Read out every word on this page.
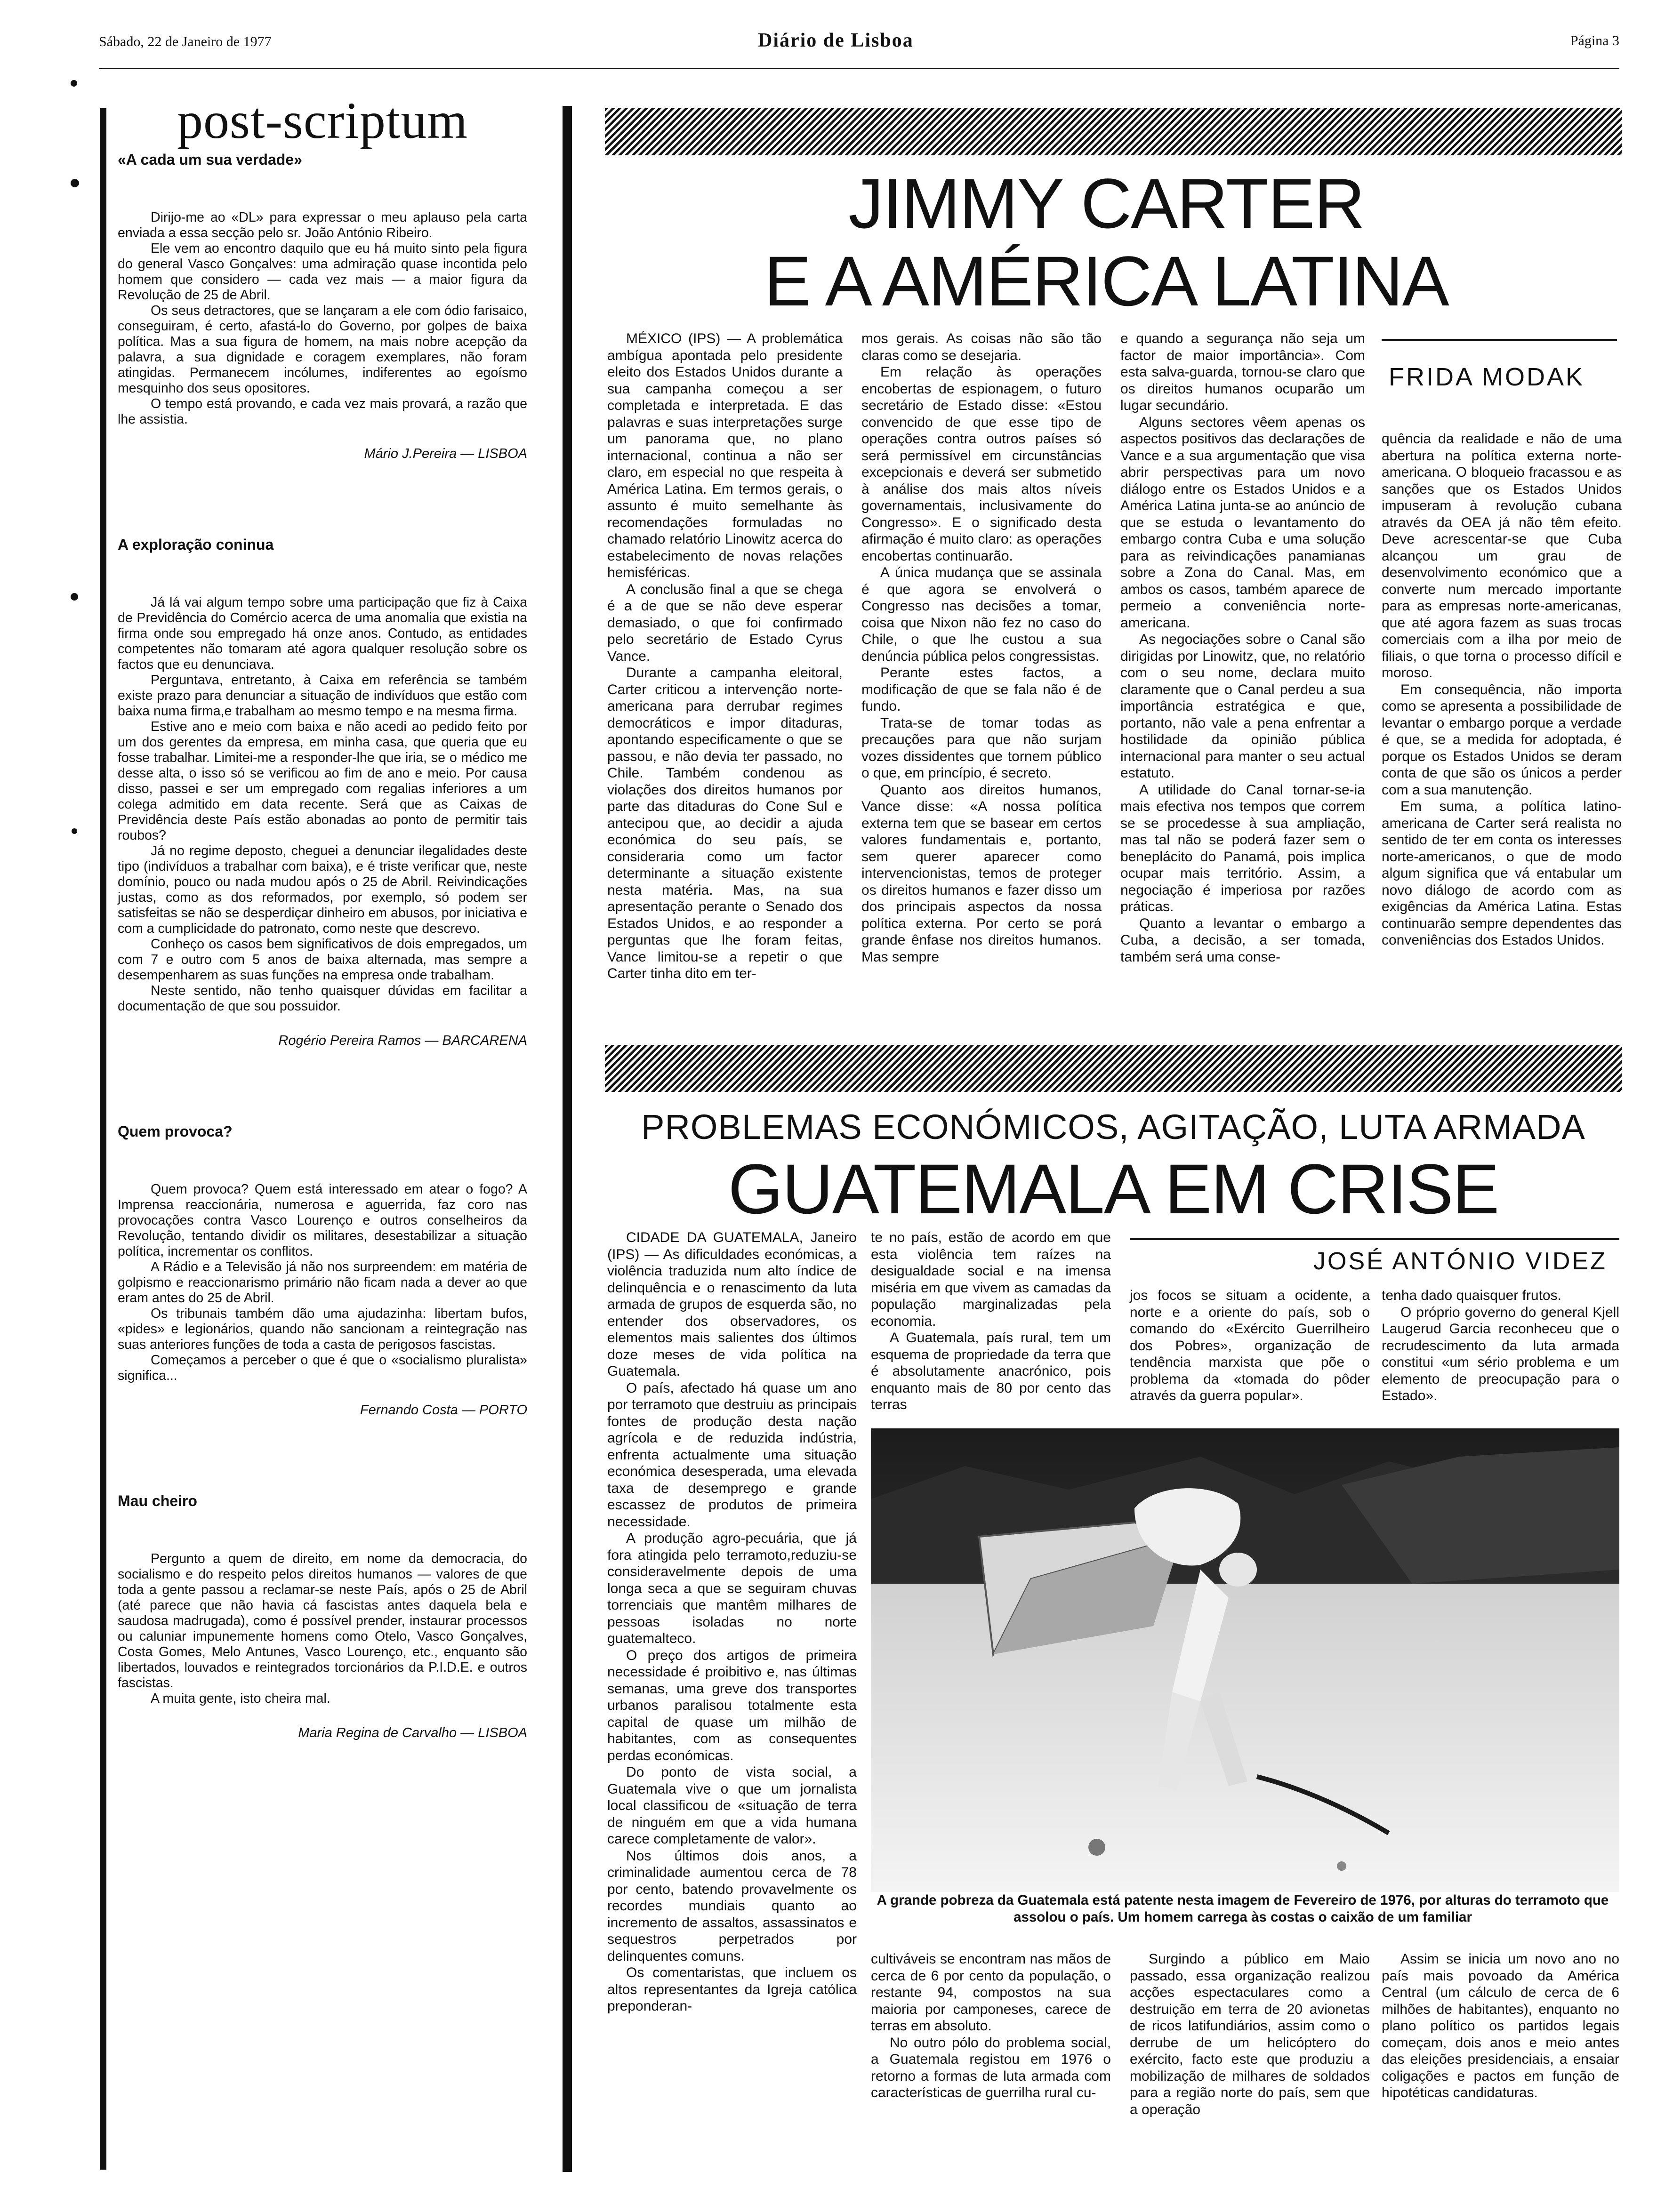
Sábado, 22 de Janeiro de 1977	Diário de Lisboa	Página 3
post-scriptum
«A cada um sua verdade»

Dirijo-me ao «DL» para expressar o meu aplauso pela carta enviada a essa secção pelo sr. João António Ribeiro.

Ele vem ao encontro daquilo que eu há muito sinto pela figura do general Vasco Gonçalves: uma admiração quase incontida pelo homem que considero — cada vez mais — a maior figura da Revolução de 25 de Abril.

Os seus detractores, que se lançaram a ele com ódio farisaico, conseguiram, é certo, afastá-lo do Governo, por golpes de baixa política. Mas a sua figura de homem, na mais nobre acepção da palavra, a sua dignidade e coragem exemplares, não foram atingidas. Permanecem incólumes, indiferentes ao egoísmo mesquinho dos seus opositores.

O tempo está provando, e cada vez mais provará, a razão que lhe assistia.

Mário J.Pereira — LISBOA
A exploração coninua

Já lá vai algum tempo sobre uma participação que fiz à Caixa de Previdência do Comércio acerca de uma anomalia que existia na firma onde sou empregado há onze anos. Contudo, as entidades competentes não tomaram até agora qualquer resolução sobre os factos que eu denunciava.

Perguntava, entretanto, à Caixa em referência se também existe prazo para denunciar a situação de indivíduos que estão com baixa numa firma,e trabalham ao mesmo tempo e na mesma firma.

Estive ano e meio com baixa e não acedi ao pedido feito por um dos gerentes da empresa, em minha casa, que queria que eu fosse trabalhar. Limitei-me a responder-lhe que iria, se o médico me desse alta, o isso só se verificou ao fim de ano e meio. Por causa disso, passei e ser um empregado com regalias inferiores a um colega admitido em data recente. Será que as Caixas de Previdência deste País estão abonadas ao ponto de permitir tais roubos?

Já no regime deposto, cheguei a denunciar ilegalidades deste tipo (indivíduos a trabalhar com baixa), e é triste verificar que, neste domínio, pouco ou nada mudou após o 25 de Abril. Reivindicações justas, como as dos reformados, por exemplo, só podem ser satisfeitas se não se desperdiçar dinheiro em abusos, por iniciativa e com a cumplicidade do patronato, como neste que descrevo.

Conheço os casos bem significativos de dois empregados, um com 7 e outro com 5 anos de baixa alternada, mas sempre a desempenharem as suas funções na empresa onde trabalham.

Neste sentido, não tenho quaisquer dúvidas em facilitar a documentação de que sou possuidor.

Rogério Pereira Ramos — BARCARENA
Quem provoca?

Quem provoca? Quem está interessado em atear o fogo? A Imprensa reaccionária, numerosa e aguerrida, faz coro nas provocações contra Vasco Lourenço e outros conselheiros da Revolução, tentando dividir os militares, desestabilizar a situação política, incrementar os conflitos.

A Rádio e a Televisão já não nos surpreendem: em matéria de golpismo e reaccionarismo primário não ficam nada a dever ao que eram antes do 25 de Abril.

Os tribunais também dão uma ajudazinha: libertam bufos, «pides» e legionários, quando não sancionam a reintegração nas suas anteriores funções de toda a casta de perigosos fascistas.

Começamos a perceber o que é que o «socialismo pluralista» significa...

Fernando Costa — PORTO
Mau cheiro

Pergunto a quem de direito, em nome da democracia, do socialismo e do respeito pelos direitos humanos — valores de que toda a gente passou a reclamar-se neste País, após o 25 de Abril (até parece que não havia cá fascistas antes daquela bela e saudosa madrugada), como é possível prender, instaurar processos ou caluniar impunemente homens como Otelo, Vasco Gonçalves, Costa Gomes, Melo Antunes, Vasco Lourenço, etc., enquanto são libertados, louvados e reintegrados torcionários da P.I.D.E. e outros fascistas.

A muita gente, isto cheira mal.

Maria Regina de Carvalho — LISBOA
JIMMY CARTER
E A AMÉRICA LATINA
FRIDA MODAK

MÉXICO (IPS) — A problemática ambígua apontada pelo presidente eleito dos Estados Unidos durante a sua campanha começou a ser completada e interpretada. E das palavras e suas interpretações surge um panorama que, no plano internacional, continua a não ser claro, em especial no que respeita à América Latina. Em termos gerais, o assunto é muito semelhante às recomendações formuladas no chamado relatório Linowitz acerca do estabelecimento de novas relações hemisféricas.

A conclusão final a que se chega é a de que se não deve esperar demasiado, o que foi confirmado pelo secretário de Estado Cyrus Vance.

Durante a campanha eleitoral, Carter criticou a intervenção norte-americana para derrubar regimes democráticos e impor ditaduras, apontando especificamente o que se passou, e não devia ter passado, no Chile. Também condenou as violações dos direitos humanos por parte das ditaduras do Cone Sul e antecipou que, ao decidir a ajuda económica do seu país, se consideraria como um factor determinante a situação existente nesta matéria. Mas, na sua apresentação perante o Senado dos Estados Unidos, e ao responder a perguntas que lhe foram feitas, Vance limitou-se a repetir o que Carter tinha dito em ter-

mos gerais. As coisas não são tão claras como se desejaria.

Em relação às operações encobertas de espionagem, o futuro secretário de Estado disse: «Estou convencido de que esse tipo de operações contra outros países só será permissível em circunstâncias excepcionais e deverá ser submetido à análise dos mais altos níveis governamentais, inclusivamente do Congresso». E o significado desta afirmação é muito claro: as operações encobertas continuarão.

A única mudança que se assinala é que agora se envolverá o Congresso nas decisões a tomar, coisa que Nixon não fez no caso do Chile, o que lhe custou a sua denúncia pública pelos congressistas.

Perante estes factos, a modificação de que se fala não é de fundo.

Trata-se de tomar todas as precauções para que não surjam vozes dissidentes que tornem público o que, em princípio, é secreto.

Quanto aos direitos humanos, Vance disse: «A nossa política externa tem que se basear em certos valores fundamentais e, portanto, sem querer aparecer como intervencionistas, temos de proteger os direitos humanos e fazer disso um dos principais aspectos da nossa política externa. Por certo se porá grande ênfase nos direitos humanos. Mas sempre

e quando a segurança não seja um factor de maior importância». Com esta salva-guarda, tornou-se claro que os direitos humanos ocuparão um lugar secundário.

Alguns sectores vêem apenas os aspectos positivos das declarações de Vance e a sua argumentação que visa abrir perspectivas para um novo diálogo entre os Estados Unidos e a América Latina junta-se ao anúncio de que se estuda o levantamento do embargo contra Cuba e uma solução para as reivindicações panamianas sobre a Zona do Canal. Mas, em ambos os casos, também aparece de permeio a conveniência norte-americana.

As negociações sobre o Canal são dirigidas por Linowitz, que, no relatório com o seu nome, declara muito claramente que o Canal perdeu a sua importância estratégica e que, portanto, não vale a pena enfrentar a hostilidade da opinião pública internacional para manter o seu actual estatuto.

A utilidade do Canal tornar-se-ia mais efectiva nos tempos que correm se se procedesse à sua ampliação, mas tal não se poderá fazer sem o beneplácito do Panamá, pois implica ocupar mais território. Assim, a negociação é imperiosa por razões práticas.

Quanto a levantar o embargo a Cuba, a decisão, a ser tomada, também será uma conse-

quência da realidade e não de uma abertura na política externa norte-americana. O bloqueio fracassou e as sanções que os Estados Unidos impuseram à revolução cubana através da OEA já não têm efeito. Deve acrescentar-se que Cuba alcançou um grau de desenvolvimento económico que a converte num mercado importante para as empresas norte-americanas, que até agora fazem as suas trocas comerciais com a ilha por meio de filiais, o que torna o processo difícil e moroso.

Em consequência, não importa como se apresenta a possibilidade de levantar o embargo porque a verdade é que, se a medida for adoptada, é porque os Estados Unidos se deram conta de que são os únicos a perder com a sua manutenção.

Em suma, a política latino-americana de Carter será realista no sentido de ter em conta os interesses norte-americanos, o que de modo algum significa que vá entabular um novo diálogo de acordo com as exigências da América Latina. Estas continuarão sempre dependentes das conveniências dos Estados Unidos.

PROBLEMAS ECONÓMICOS, AGITAÇÃO, LUTA ARMADA
GUATEMALA EM CRISE
JOSÉ ANTÓNIO VIDEZ

CIDADE DA GUATEMALA, Janeiro (IPS) — As dificuldades económicas, a violência traduzida num alto índice de delinquência e o renascimento da luta armada de grupos de esquerda são, no entender dos observadores, os elementos mais salientes dos últimos doze meses de vida política na Guatemala.

O país, afectado há quase um ano por terramoto que destruiu as principais fontes de produção desta nação agrícola e de reduzida indústria, enfrenta actualmente uma situação económica desesperada, uma elevada taxa de desemprego e grande escassez de produtos de primeira necessidade.

A produção agro-pecuária, que já fora atingida pelo terramoto,reduziu-se consideravelmente depois de uma longa seca a que se seguiram chuvas torrenciais que mantêm milhares de pessoas isoladas no norte guatemalteco.

O preço dos artigos de primeira necessidade é proibitivo e, nas últimas semanas, uma greve dos transportes urbanos paralisou totalmente esta capital de quase um milhão de habitantes, com as consequentes perdas económicas.

Do ponto de vista social, a Guatemala vive o que um jornalista local classificou de «situação de terra de ninguém em que a vida humana carece completamente de valor».

Nos últimos dois anos, a criminalidade aumentou cerca de 78 por cento, batendo provavelmente os recordes mundiais quanto ao incremento de assaltos, assassinatos e sequestros perpetrados por delinquentes comuns.

Os comentaristas, que incluem os altos representantes da Igreja católica preponderan-

te no país, estão de acordo em que esta violência tem raízes na desigualdade social e na imensa miséria em que vivem as camadas da população marginalizadas pela economia.

A Guatemala, país rural, tem um esquema de propriedade da terra que é absolutamente anacrónico, pois enquanto mais de 80 por cento das terras

jos focos se situam a ocidente, a norte e a oriente do país, sob o comando do «Exército Guerrilheiro dos Pobres», organização de tendência marxista que põe o problema da «tomada do pôder através da guerra popular».

tenha dado quaisquer frutos.

O próprio governo do general Kjell Laugerud Garcia reconheceu que o recrudescimento da luta armada constitui «um sério problema e um elemento de preocupação para o Estado».

A grande pobreza da Guatemala está patente nesta imagem de Fevereiro de 1976, por alturas do terramoto que assolou o país. Um homem carrega às costas o caixão de um familiar

cultiváveis se encontram nas mãos de cerca de 6 por cento da população, o restante 94, compostos na sua maioria por camponeses, carece de terras em absoluto.

No outro pólo do problema social, a Guatemala registou em 1976 o retorno a formas de luta armada com características de guerrilha rural cu-

Surgindo a público em Maio passado, essa organização realizou acções espectaculares como a destruição em terra de 20 avionetas de ricos latifundiários, assim como o derrube de um helicóptero do exército, facto este que produziu a mobilização de milhares de soldados para a região norte do país, sem que a operação

Assim se inicia um novo ano no país mais povoado da América Central (um cálculo de cerca de 6 milhões de habitantes), enquanto no plano político os partidos legais começam, dois anos e meio antes das eleições presidenciais, a ensaiar coligações e pactos em função de hipotéticas candidaturas.
